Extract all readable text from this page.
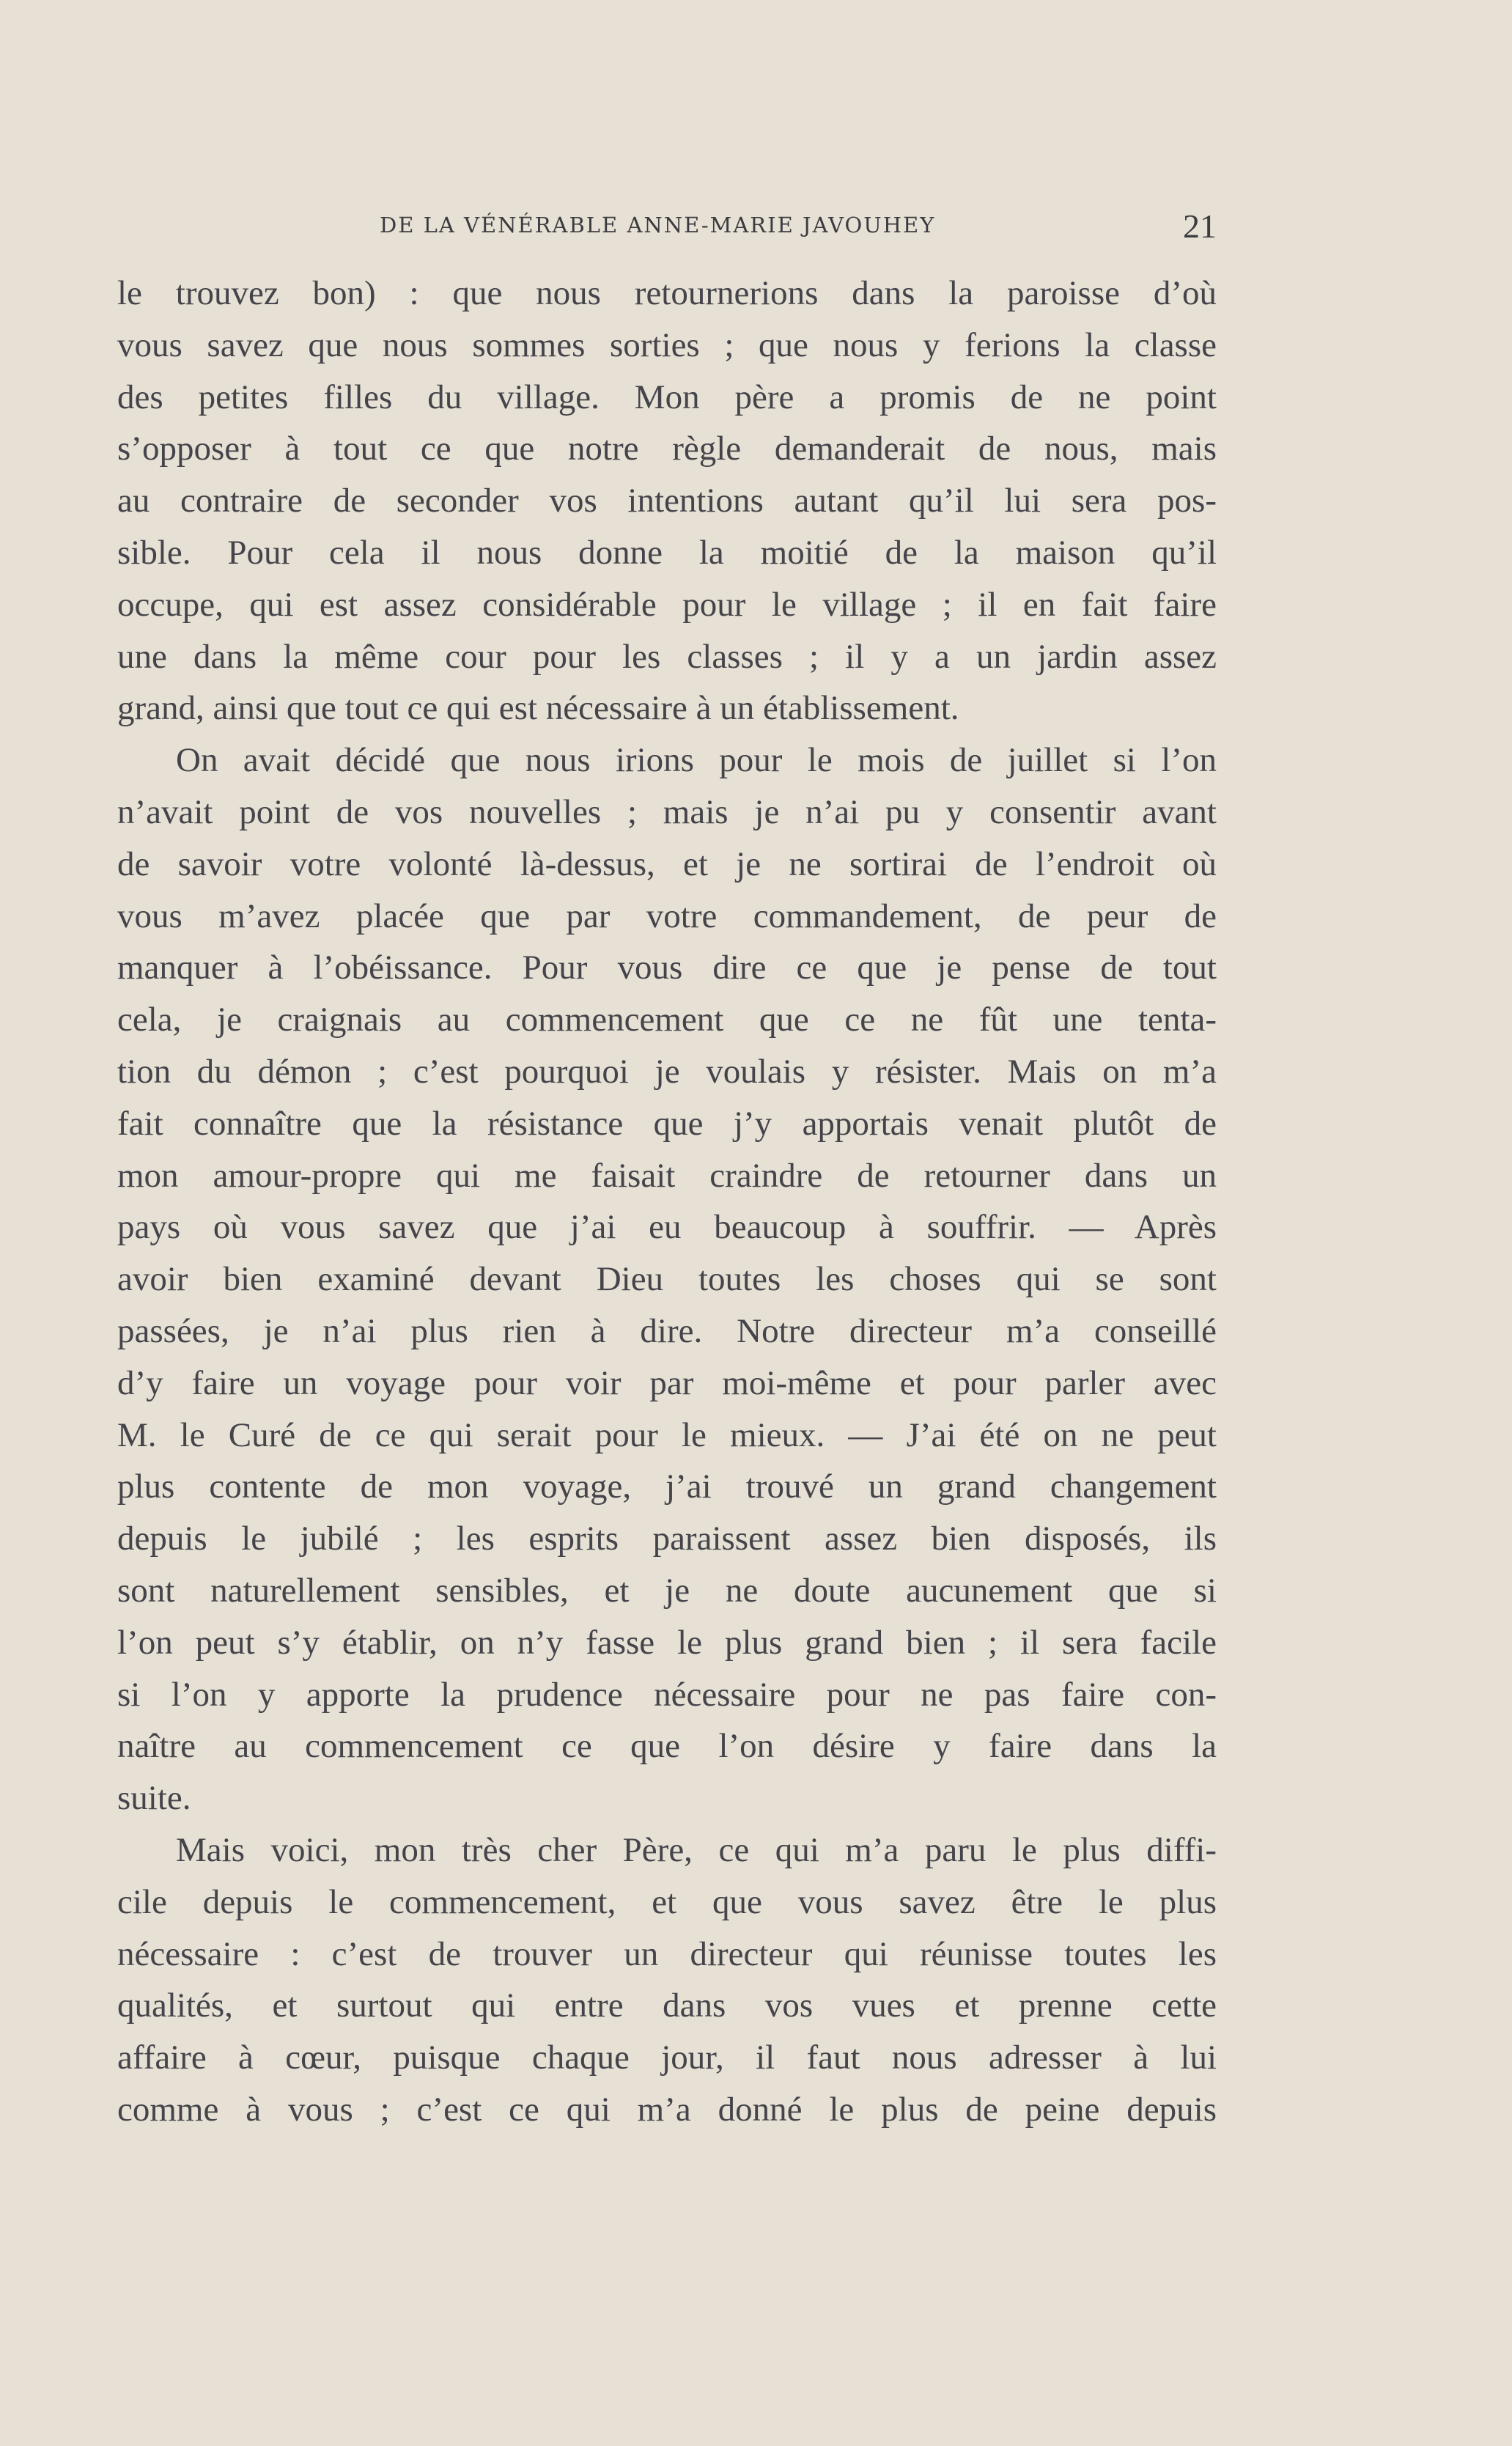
DE LA VÉNÉRABLE ANNE-MARIE JAVOUHEY	21
le trouvez bon) : que nous retournerions dans la paroisse d’où
vous savez que nous sommes sorties ; que nous y ferions la classe
des petites filles du village. Mon père a promis de ne point
s’opposer à tout ce que notre règle demanderait de nous, mais
au contraire de seconder vos intentions autant qu’il lui sera pos-
sible. Pour cela il nous donne la moitié de la maison qu’il
occupe, qui est assez considérable pour le village ; il en fait faire
une dans la même cour pour les classes ; il y a un jardin assez
grand, ainsi que tout ce qui est nécessaire à un établissement.
On avait décidé que nous irions pour le mois de juillet si l’on
n’avait point de vos nouvelles ; mais je n’ai pu y consentir avant
de savoir votre volonté là-dessus, et je ne sortirai de l’endroit où
vous m’avez placée que par votre commandement, de peur de
manquer à l’obéissance. Pour vous dire ce que je pense de tout
cela, je craignais au commencement que ce ne fût une tenta-
tion du démon ; c’est pourquoi je voulais y résister. Mais on m’a
fait connaître que la résistance que j’y apportais venait plutôt de
mon amour-propre qui me faisait craindre de retourner dans un
pays où vous savez que j’ai eu beaucoup à souffrir. — Après
avoir bien examiné devant Dieu toutes les choses qui se sont
passées, je n’ai plus rien à dire. Notre directeur m’a conseillé
d’y faire un voyage pour voir par moi-même et pour parler avec
M. le Curé de ce qui serait pour le mieux. — J’ai été on ne peut
plus contente de mon voyage, j’ai trouvé un grand changement
depuis le jubilé ; les esprits paraissent assez bien disposés, ils
sont naturellement sensibles, et je ne doute aucunement que si
l’on peut s’y établir, on n’y fasse le plus grand bien ; il sera facile
si l’on y apporte la prudence nécessaire pour ne pas faire con-
naître au commencement ce que l’on désire y faire dans la
suite.
Mais voici, mon très cher Père, ce qui m’a paru le plus diffi-
cile depuis le commencement, et que vous savez être le plus
nécessaire : c’est de trouver un directeur qui réunisse toutes les
qualités, et surtout qui entre dans vos vues et prenne cette
affaire à cœur, puisque chaque jour, il faut nous adresser à lui
comme à vous ; c’est ce qui m’a donné le plus de peine depuis
